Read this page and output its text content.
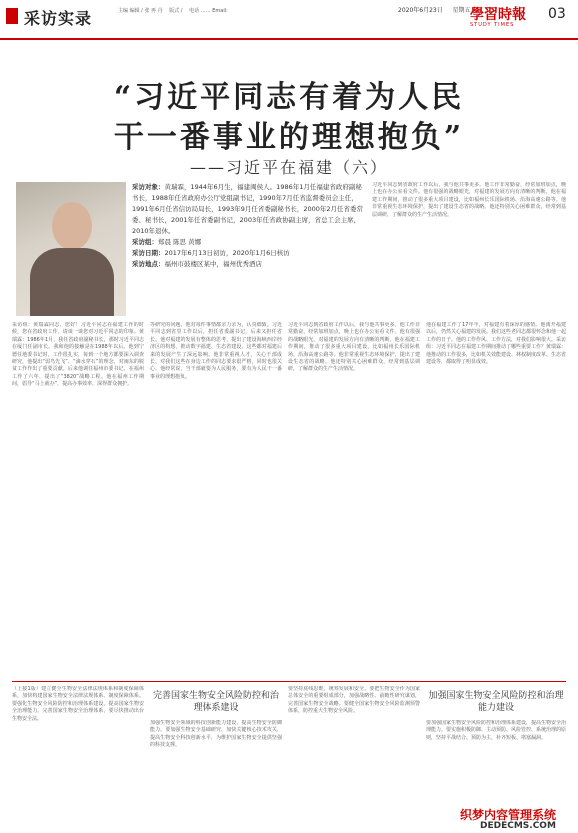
采访实录	主编 编辑 / 张 再 丹 　版式 / 　电话 …… Email:	2020年6月23日 　 星期五 學習時報
STUDY TIMES
03
“习近平同志有着为人民
干一番事业的理想抱负”
——习近平在福建（六）
采访对象：黄瑞霖，1944年6月生，福建闽侯人。1986年1月任福建省政府副秘书长，1988年任省政府办公厅党组副书记，1990年7月任省监督委员会主任，1991年6月任省信访局局长，1993年9月任省委副秘书长，2000年2月任省委常委、秘书长，2001年任省委副书记，2003年任省政协副主席，省总工会主席，2010年退休。
采访组：郑晨 陈思 黄娜
采访日期：2017年6月13日初访，2020年1月6日核访
采访地点：福州市鼓楼区某中，福州优秀酒店
习近平同志到省政府工作以后，我与他共事更多。他工作非常勤奋，经常加班加点，晚上也在办公室看文件。他有很强的战略眼光，对福建的发展方向有清晰的判断。他在福建工作期间，推动了很多重大项目建设，比如福州长乐国际机场、沿海高速公路等。他非常重视生态环境保护，提出了建设生态省的战略。他还特别关心困难群众，经常到基层调研，了解群众的生产生活情况。
采访组：黄瑞霖同志，您好！习近平同志在福建工作的时候，您在省政府工作，请谈一谈您对习近平同志的印象。黄瑞霖：1986年1月，我任省政府副秘书长，那时习近平同志在厦门任副市长。我和他的接触是在1988年以后。他到宁德任地委书记时，工作很扎实，每到一个地方都要深入调查研究，他提出“弱鸟先飞”、“滴水穿石”的理念，对闽东的脱贫工作作出了重要贡献。后来他调任福州市委书记，在福州工作了六年，提出了“3820”战略工程。他在福州工作期间，倡导“马上就办”，提高办事效率，深得群众拥护。
等研究的问题。他对每件事情都亲力亲为，认真细致。习近平同志到省里工作以后，担任省委副书记，后来又担任省长。他对福建的发展有整体的思考，提出了建设海峡西岸经济区的构想，推动数字福建、生态省建设，这些都对福建后来的发展产生了深远影响。他非常重视人才，关心干部成长，对我们这些在身边工作的同志要求很严格，同时也很关心。他经常说，当干部就要为人民服务，要有为人民干一番事业的理想抱负。
习近平同志到省政府工作以后，我与他共事更多。他工作非常勤奋，经常加班加点，晚上也在办公室看文件。他有很强的战略眼光，对福建的发展方向有清晰的判断。他在福建工作期间，推动了很多重大项目建设，比如福州长乐国际机场、沿海高速公路等。他非常重视生态环境保护，提出了建设生态省的战略。他还特别关心困难群众，经常到基层调研，了解群众的生产生活情况。
他在福建工作了17年半，对福建有着深厚的感情。他离开福建以后，仍然关心福建的发展。我们这些老同志都很怀念和他一起工作的日子。他的工作作风、工作方法，对我们影响很大。采访组：习近平同志在福建工作期间推动了哪些重要工作？黄瑞霖：他推动的工作很多，比如机关效能建设、林权制度改革、生态省建设等，都取得了明显成效。
（上接1版）建立健全生物安全法律法规体系和制度保障体系，加快构建国家生物安全法律法规体系、制度保障体系。要强化生物安全风险防控和治理体系建设，提高国家生物安全治理能力。完善国家生物安全治理体系，要尽快推动出台生物安全法。
完善国家生物安全风险防控和治理体系建设
加强生物安全领域的科技创新能力建设，提高生物安全防御能力。要加强生物安全基础研究，加快关键核心技术攻关，提高生物安全科技创新水平，为维护国家生物安全提供坚强的科技支撑。
要坚持底线思维，统筹发展和安全。要把生物安全作为国家总体安全的重要组成部分，加强战略性、前瞻性研究谋划，完善国家生物安全战略。要健全国家生物安全风险监测预警体系，防控重大生物安全风险。
加强国家生物安全风险防控和治理能力建设
要加强国家生物安全风险防控和治理体系建设，提高生物安全治理能力。要实施积极防御、主动预防、风险管控、系统治理的原则，坚持平战结合、预防为主，补齐短板、堵塞漏洞。
织梦内容管理系统
DEDECMS.COM
